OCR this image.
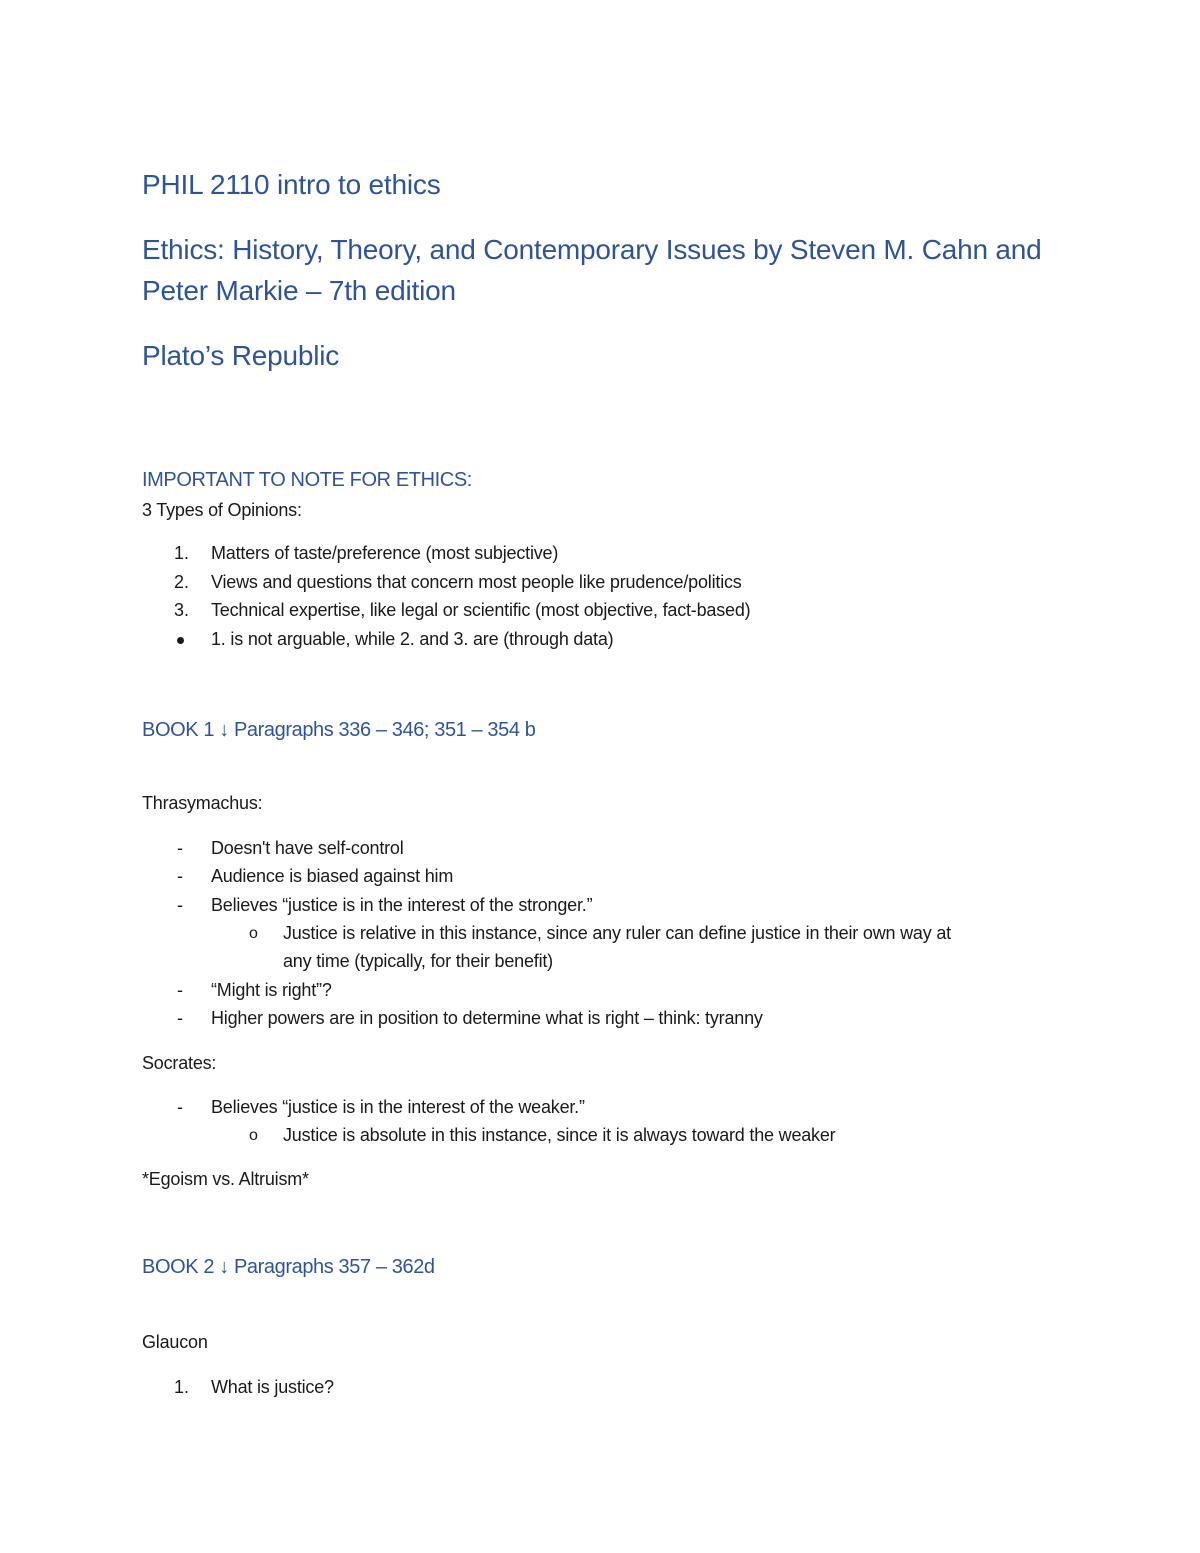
PHIL 2110 intro to ethics
Ethics: History, Theory, and Contemporary Issues by Steven M. Cahn and
Peter Markie – 7th edition
Plato’s Republic
IMPORTANT TO NOTE FOR ETHICS:
3 Types of Opinions:
1. Matters of taste/preference (most subjective)
2. Views and questions that concern most people like prudence/politics
3. Technical expertise, like legal or scientific (most objective, fact-based)
1. is not arguable, while 2. and 3. are (through data)
BOOK 1 ↓ Paragraphs 336 – 346; 351 – 354 b
Thrasymachus:
- Doesn't have self-control
- Audience is biased against him
- Believes “justice is in the interest of the stronger.”
o Justice is relative in this instance, since any ruler can define justice in their own way at
any time (typically, for their benefit)
- “Might is right”?
- Higher powers are in position to determine what is right – think: tyranny
Socrates:
- Believes “justice is in the interest of the weaker.”
o Justice is absolute in this instance, since it is always toward the weaker
*Egoism vs. Altruism*
BOOK 2 ↓ Paragraphs 357 – 362d
Glaucon
1. What is justice?
